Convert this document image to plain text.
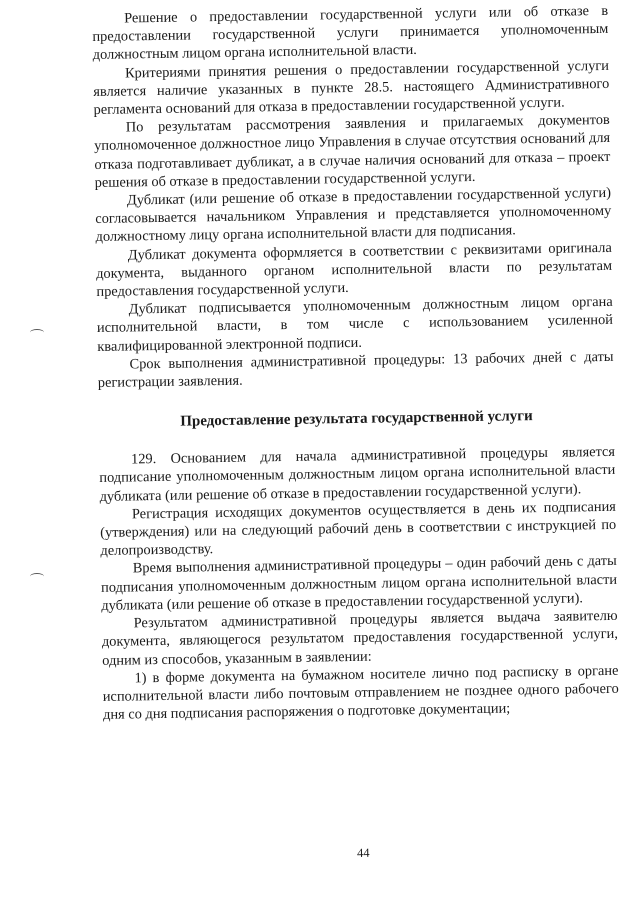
Решение о предоставлении государственной услуги или об отказе в предоставлении государственной услуги принимается уполномоченным должностным лицом органа исполнительной власти.

Критериями принятия решения о предоставлении государственной услуги является наличие указанных в пункте 28.5. настоящего Административного регламента оснований для отказа в предоставлении государственной услуги.

По результатам рассмотрения заявления и прилагаемых документов уполномоченное должностное лицо Управления в случае отсутствия оснований для отказа подготавливает дубликат, а в случае наличия оснований для отказа – проект решения об отказе в предоставлении государственной услуги.

Дубликат (или решение об отказе в предоставлении государственной услуги) согласовывается начальником Управления и представляется уполномоченному должностному лицу органа исполнительной власти для подписания.

Дубликат документа оформляется в соответствии с реквизитами оригинала документа, выданного органом исполнительной власти по результатам предоставления государственной услуги.

Дубликат подписывается уполномоченным должностным лицом органа исполнительной власти, в том числе с использованием усиленной квалифицированной электронной подписи.

Срок выполнения административной процедуры: 13 рабочих дней с даты регистрации заявления.

Предоставление результата государственной услуги

129. Основанием для начала административной процедуры является подписание уполномоченным должностным лицом органа исполнительной власти дубликата (или решение об отказе в предоставлении государственной услуги).

Регистрация исходящих документов осуществляется в день их подписания (утверждения) или на следующий рабочий день в соответствии с инструкцией по делопроизводству.

Время выполнения административной процедуры – один рабочий день с даты подписания уполномоченным должностным лицом органа исполнительной власти дубликата (или решение об отказе в предоставлении государственной услуги).

Результатом административной процедуры является выдача заявителю документа, являющегося результатом предоставления государственной услуги, одним из способов, указанным в заявлении:

1) в форме документа на бумажном носителе лично под расписку в органе исполнительной власти либо почтовым отправлением не позднее одного рабочего дня со дня подписания распоряжения о подготовке документации;

44
